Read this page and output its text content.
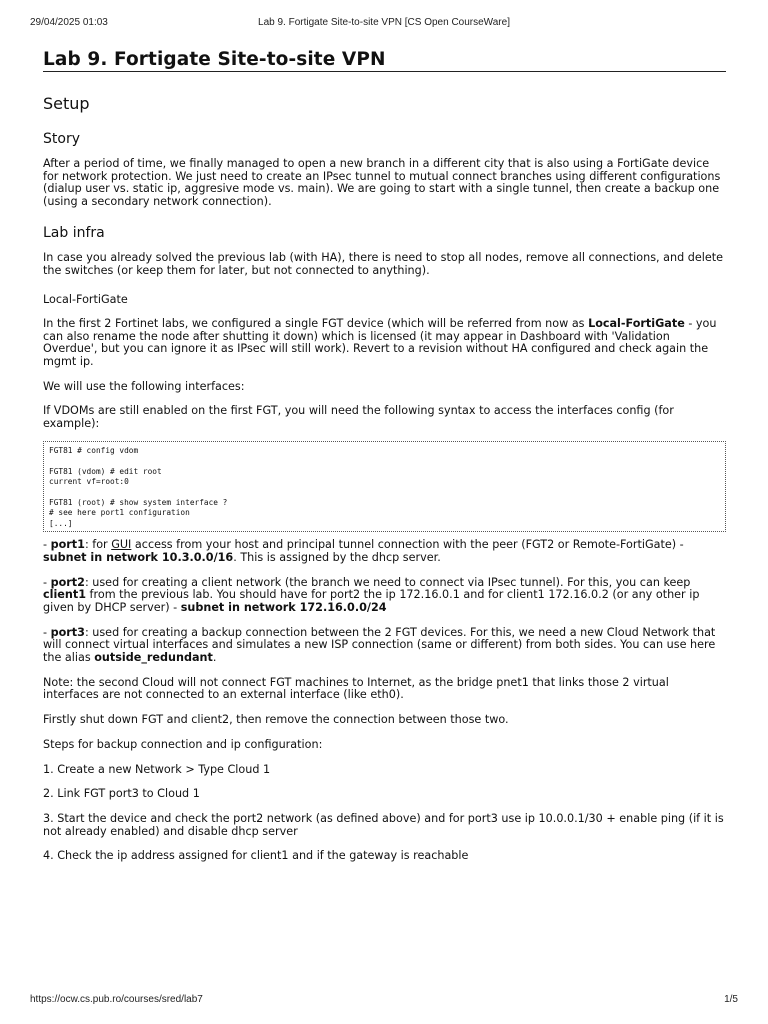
29/04/2025 01:03	Lab 9. Fortigate Site-to-site VPN [CS Open CourseWare]
Lab 9. Fortigate Site-to-site VPN
Setup
Story

After a period of time, we finally managed to open a new branch in a different city that is also using a FortiGate device for network protection. We just need to create an IPsec tunnel to mutual connect branches using different configurations (dialup user vs. static ip, aggresive mode vs. main). We are going to start with a single tunnel, then create a backup one (using a secondary network connection).

Lab infra

In case you already solved the previous lab (with HA), there is need to stop all nodes, remove all connections, and delete the switches (or keep them for later, but not connected to anything).

Local-FortiGate

In the first 2 Fortinet labs, we configured a single FGT device (which will be referred from now as Local-FortiGate - you can also rename the node after shutting it down) which is licensed (it may appear in Dashboard with 'Validation Overdue', but you can ignore it as IPsec will still work). Revert to a revision without HA configured and check again the mgmt ip.

We will use the following interfaces:

If VDOMs are still enabled on the first FGT, you will need the following syntax to access the interfaces config (for example):

FGT81 # config vdom

FGT81 (vdom) # edit root
current vf=root:0

FGT81 (root) # show system interface ?
# see here port1 configuration
[...]

- port1: for GUI access from your host and principal tunnel connection with the peer (FGT2 or Remote-FortiGate) - subnet in network 10.3.0.0/16. This is assigned by the dhcp server.

- port2: used for creating a client network (the branch we need to connect via IPsec tunnel). For this, you can keep client1 from the previous lab. You should have for port2 the ip 172.16.0.1 and for client1 172.16.0.2 (or any other ip given by DHCP server) - subnet in network 172.16.0.0/24

- port3: used for creating a backup connection between the 2 FGT devices. For this, we need a new Cloud Network that will connect virtual interfaces and simulates a new ISP connection (same or different) from both sides. You can use here the alias outside_redundant.

Note: the second Cloud will not connect FGT machines to Internet, as the bridge pnet1 that links those 2 virtual interfaces are not connected to an external interface (like eth0).

Firstly shut down FGT and client2, then remove the connection between those two.

Steps for backup connection and ip configuration:

1. Create a new Network > Type Cloud 1

2. Link FGT port3 to Cloud 1

3. Start the device and check the port2 network (as defined above) and for port3 use ip 10.0.0.1/30 + enable ping (if it is not already enabled) and disable dhcp server

4. Check the ip address assigned for client1 and if the gateway is reachable

https://ocw.cs.pub.ro/courses/sred/lab7	1/5
